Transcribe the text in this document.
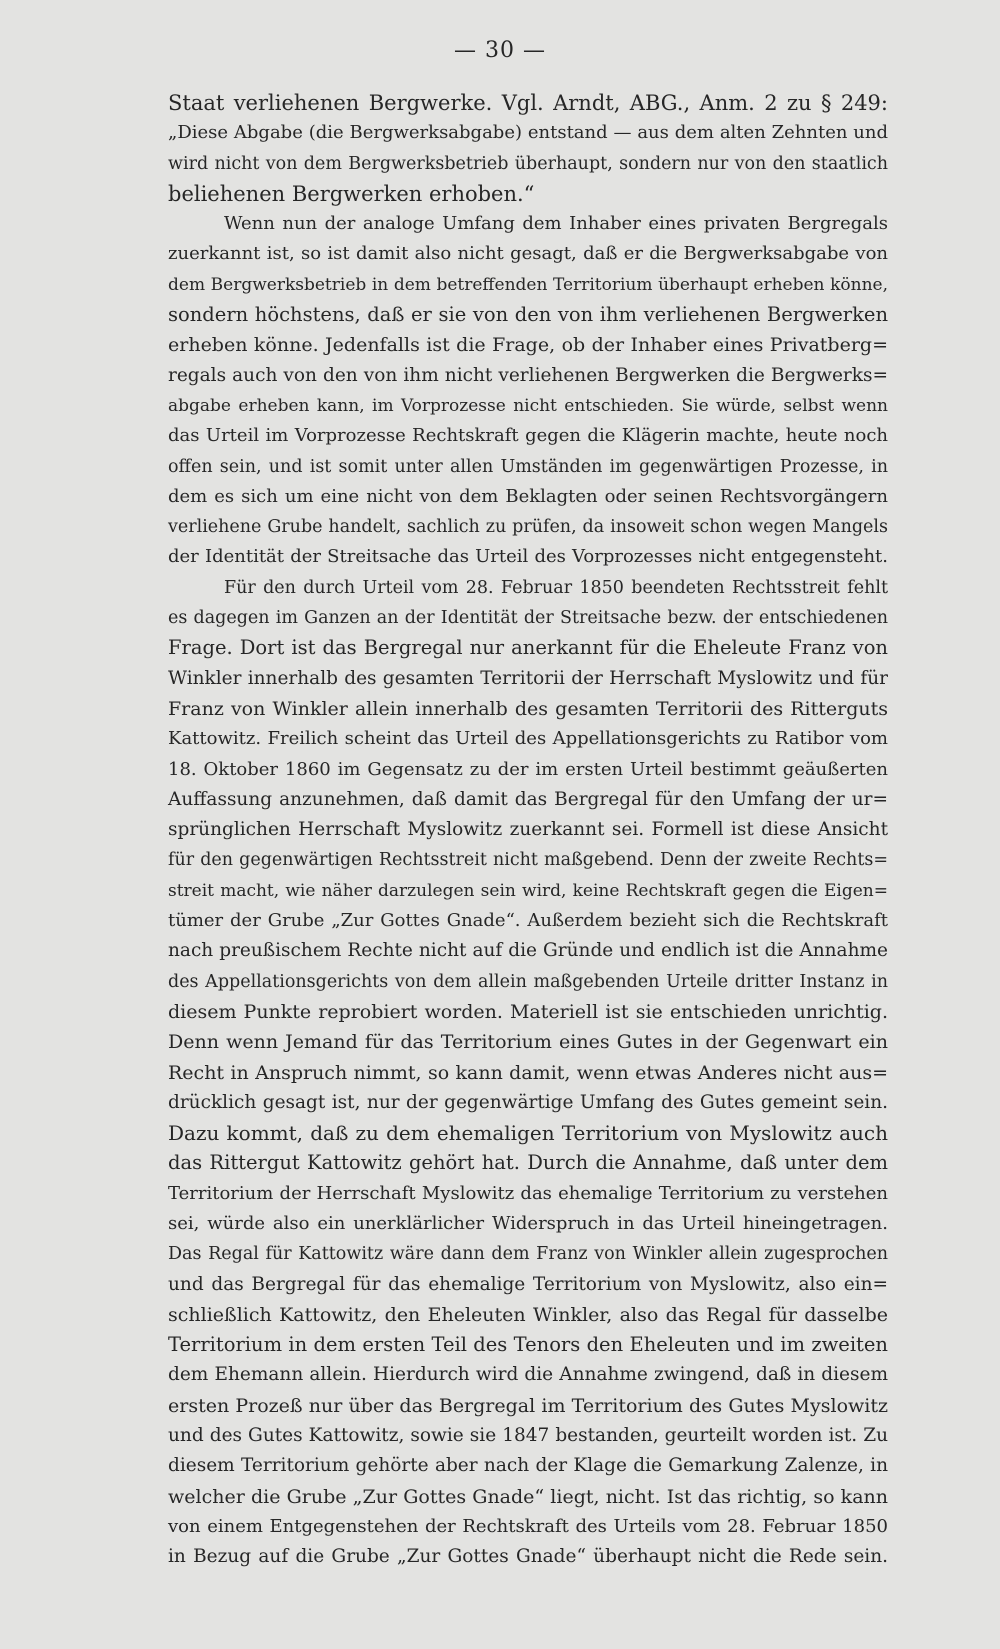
— 30 —
Staat verliehenen Bergwerke. Vgl. Arndt, ABG., Anm. 2 zu § 249:
„Diese Abgabe (die Bergwerksabgabe) entstand — aus dem alten Zehnten und
wird nicht von dem Bergwerksbetrieb überhaupt, sondern nur von den staatlich
beliehenen Bergwerken erhoben.“
Wenn nun der analoge Umfang dem Inhaber eines privaten Bergregals
zuerkannt ist, so ist damit also nicht gesagt, daß er die Bergwerksabgabe von
dem Bergwerksbetrieb in dem betreffenden Territorium überhaupt erheben könne,
sondern höchstens, daß er sie von den von ihm verliehenen Bergwerken
erheben könne. Jedenfalls ist die Frage, ob der Inhaber eines Privatberg=
regals auch von den von ihm nicht verliehenen Bergwerken die Bergwerks=
abgabe erheben kann, im Vorprozesse nicht entschieden. Sie würde, selbst wenn
das Urteil im Vorprozesse Rechtskraft gegen die Klägerin machte, heute noch
offen sein, und ist somit unter allen Umständen im gegenwärtigen Prozesse, in
dem es sich um eine nicht von dem Beklagten oder seinen Rechtsvorgängern
verliehene Grube handelt, sachlich zu prüfen, da insoweit schon wegen Mangels
der Identität der Streitsache das Urteil des Vorprozesses nicht entgegensteht.
Für den durch Urteil vom 28. Februar 1850 beendeten Rechtsstreit fehlt
es dagegen im Ganzen an der Identität der Streitsache bezw. der entschiedenen
Frage. Dort ist das Bergregal nur anerkannt für die Eheleute Franz von
Winkler innerhalb des gesamten Territorii der Herrschaft Myslowitz und für
Franz von Winkler allein innerhalb des gesamten Territorii des Ritterguts
Kattowitz. Freilich scheint das Urteil des Appellationsgerichts zu Ratibor vom
18. Oktober 1860 im Gegensatz zu der im ersten Urteil bestimmt geäußerten
Auffassung anzunehmen, daß damit das Bergregal für den Umfang der ur=
sprünglichen Herrschaft Myslowitz zuerkannt sei. Formell ist diese Ansicht
für den gegenwärtigen Rechtsstreit nicht maßgebend. Denn der zweite Rechts=
streit macht, wie näher darzulegen sein wird, keine Rechtskraft gegen die Eigen=
tümer der Grube „Zur Gottes Gnade“. Außerdem bezieht sich die Rechtskraft
nach preußischem Rechte nicht auf die Gründe und endlich ist die Annahme
des Appellationsgerichts von dem allein maßgebenden Urteile dritter Instanz in
diesem Punkte reprobiert worden. Materiell ist sie entschieden unrichtig.
Denn wenn Jemand für das Territorium eines Gutes in der Gegenwart ein
Recht in Anspruch nimmt, so kann damit, wenn etwas Anderes nicht aus=
drücklich gesagt ist, nur der gegenwärtige Umfang des Gutes gemeint sein.
Dazu kommt, daß zu dem ehemaligen Territorium von Myslowitz auch
das Rittergut Kattowitz gehört hat. Durch die Annahme, daß unter dem
Territorium der Herrschaft Myslowitz das ehemalige Territorium zu verstehen
sei, würde also ein unerklärlicher Widerspruch in das Urteil hineingetragen.
Das Regal für Kattowitz wäre dann dem Franz von Winkler allein zugesprochen
und das Bergregal für das ehemalige Territorium von Myslowitz, also ein=
schließlich Kattowitz, den Eheleuten Winkler, also das Regal für dasselbe
Territorium in dem ersten Teil des Tenors den Eheleuten und im zweiten
dem Ehemann allein. Hierdurch wird die Annahme zwingend, daß in diesem
ersten Prozeß nur über das Bergregal im Territorium des Gutes Myslowitz
und des Gutes Kattowitz, sowie sie 1847 bestanden, geurteilt worden ist. Zu
diesem Territorium gehörte aber nach der Klage die Gemarkung Zalenze, in
welcher die Grube „Zur Gottes Gnade“ liegt, nicht. Ist das richtig, so kann
von einem Entgegenstehen der Rechtskraft des Urteils vom 28. Februar 1850
in Bezug auf die Grube „Zur Gottes Gnade“ überhaupt nicht die Rede sein.
